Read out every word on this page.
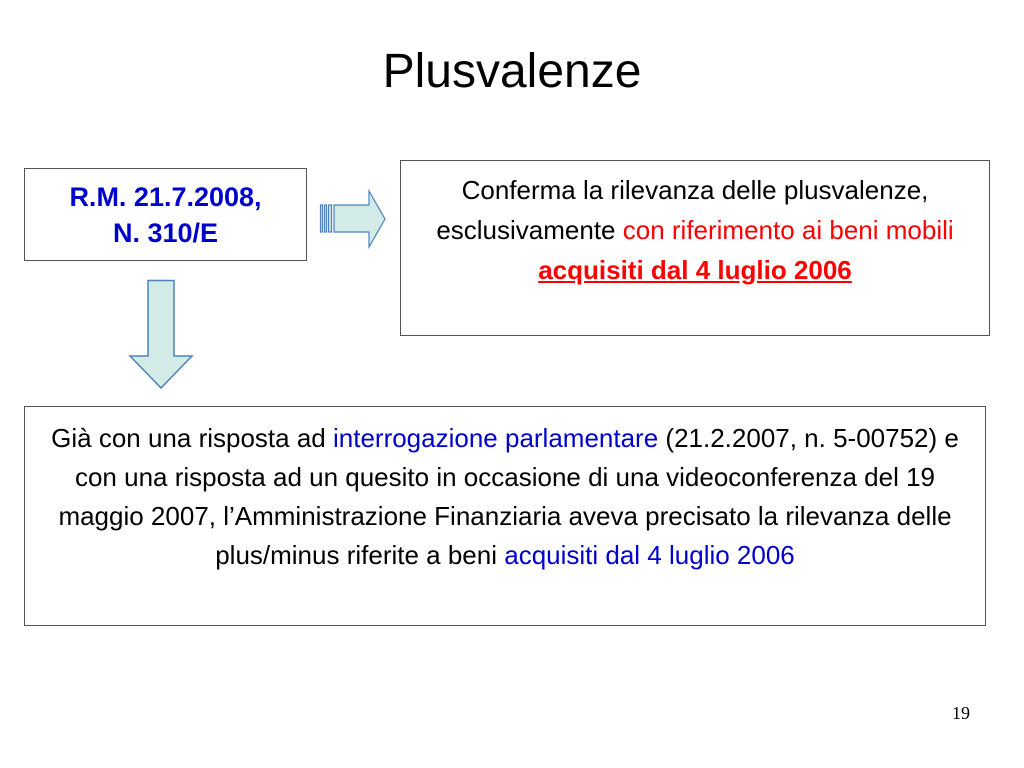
Plusvalenze
R.M. 21.7.2008,
N. 310/E
Conferma la rilevanza delle plusvalenze, esclusivamente con riferimento ai beni mobili acquisiti dal 4 luglio 2006
Già con una risposta ad interrogazione parlamentare (21.2.2007, n. 5-00752) e con una risposta ad un quesito in occasione di una videoconferenza del 19 maggio 2007, l’Amministrazione Finanziaria aveva precisato la rilevanza delle plus/minus riferite a beni acquisiti dal 4 luglio 2006
19
